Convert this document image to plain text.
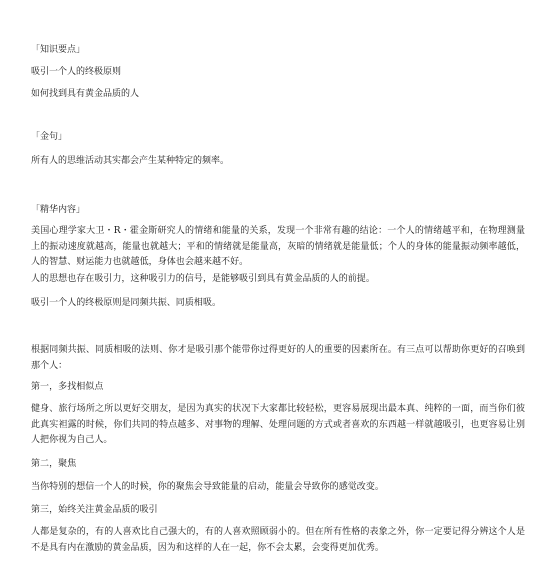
「知识要点」
吸引一个人的终极原则
如何找到具有黄金品质的人
「金句」
所有人的思维活动其实都会产生某种特定的频率。
「精华内容」
美国心理学家大卫・R・霍金斯研究人的情绪和能量的关系，发现一个非常有趣的结论：一个人的情绪越平和，在物理测量上的振动速度就越高，能量也就越大；平和的情绪就是能量高，灰暗的情绪就是能量低；个人的身体的能量振动频率越低，人的智慧、财运能力也就越低，身体也会越来越不好。
人的思想也存在吸引力，这种吸引力的信号，是能够吸引到具有黄金品质的人的前提。
吸引一个人的终极原则是同频共振、同质相吸。
根据同频共振、同质相吸的法则、你才是吸引那个能带你过得更好的人的重要的因素所在。有三点可以帮助你更好的召唤到那个人：
第一，多找相似点
健身、旅行场所之所以更好交朋友，是因为真实的状况下大家都比较轻松，更容易展现出最本真、纯粹的一面，而当你们彼此真实袒露的时候，你们共同的特点越多、对事物的理解、处理问题的方式或者喜欢的东西越一样就越吸引，也更容易让别人把你视为自己人。
第二，聚焦
当你特别的想信一个人的时候，你的聚焦会导致能量的启动，能量会导致你的感觉改变。
第三，始终关注黄金品质的吸引
人都是复杂的，有的人喜欢比自己强大的，有的人喜欢照顾弱小的。但在所有性格的表象之外，你一定要记得分辨这个人是不是具有内在激励的黄金品质，因为和这样的人在一起，你不会太累，会变得更加优秀。
